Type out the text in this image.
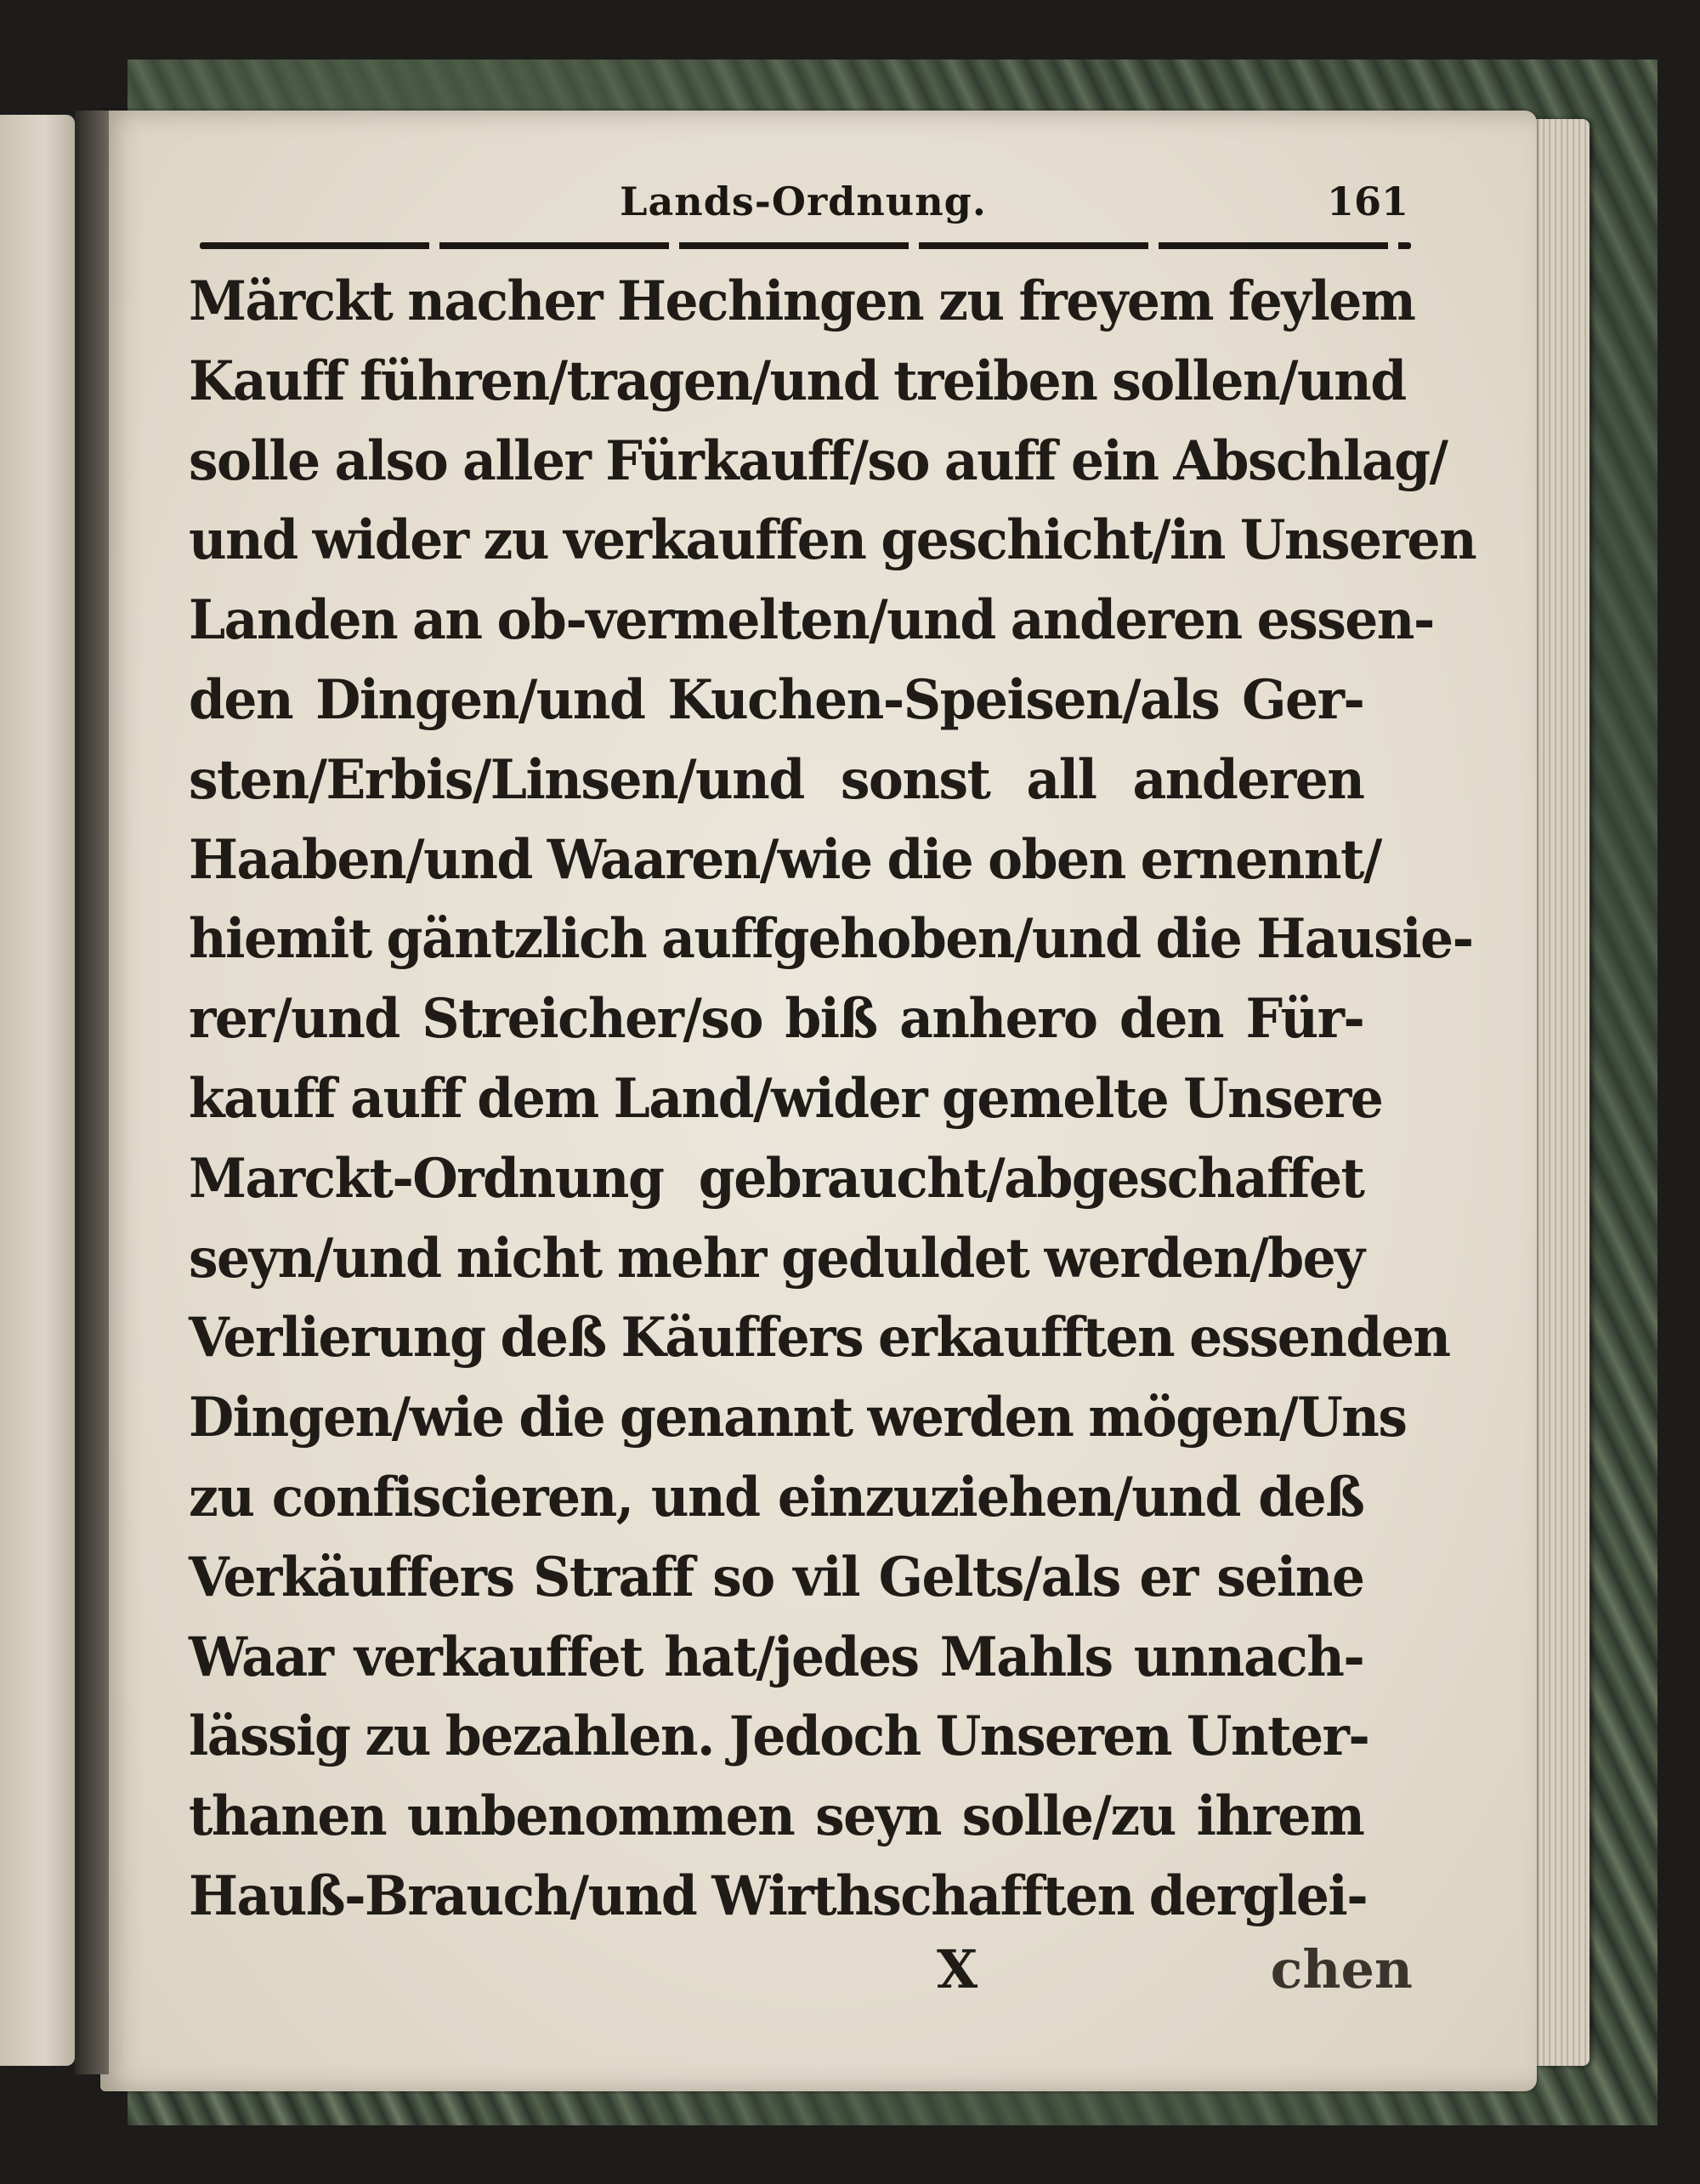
Lands-Ordnung.	161
Märckt nacher Hechingen zu freyem feylem
Kauff führen/tragen/und treiben sollen/und
solle also aller Fürkauff/so auff ein Abschlag/
und wider zu verkauffen geschicht/in Unseren
Landen an ob-vermelten/und anderen essen-
den Dingen/und Kuchen-Speisen/als Ger-
sten/Erbis/Linsen/und sonst all anderen
Haaben/und Waaren/wie die oben ernennt/
hiemit gäntzlich auffgehoben/und die Hausie-
rer/und Streicher/so biß anhero den Für-
kauff auff dem Land/wider gemelte Unsere
Marckt-Ordnung gebraucht/abgeschaffet
seyn/und nicht mehr geduldet werden/bey
Verlierung deß Käuffers erkaufften essenden
Dingen/wie die genannt werden mögen/Uns
zu confiscieren, und einzuziehen/und deß
Verkäuffers Straff so vil Gelts/als er seine
Waar verkauffet hat/jedes Mahls unnach-
lässig zu bezahlen. Jedoch Unseren Unter-
thanen unbenommen seyn solle/zu ihrem
Hauß-Brauch/und Wirthschafften derglei-
X	chen
